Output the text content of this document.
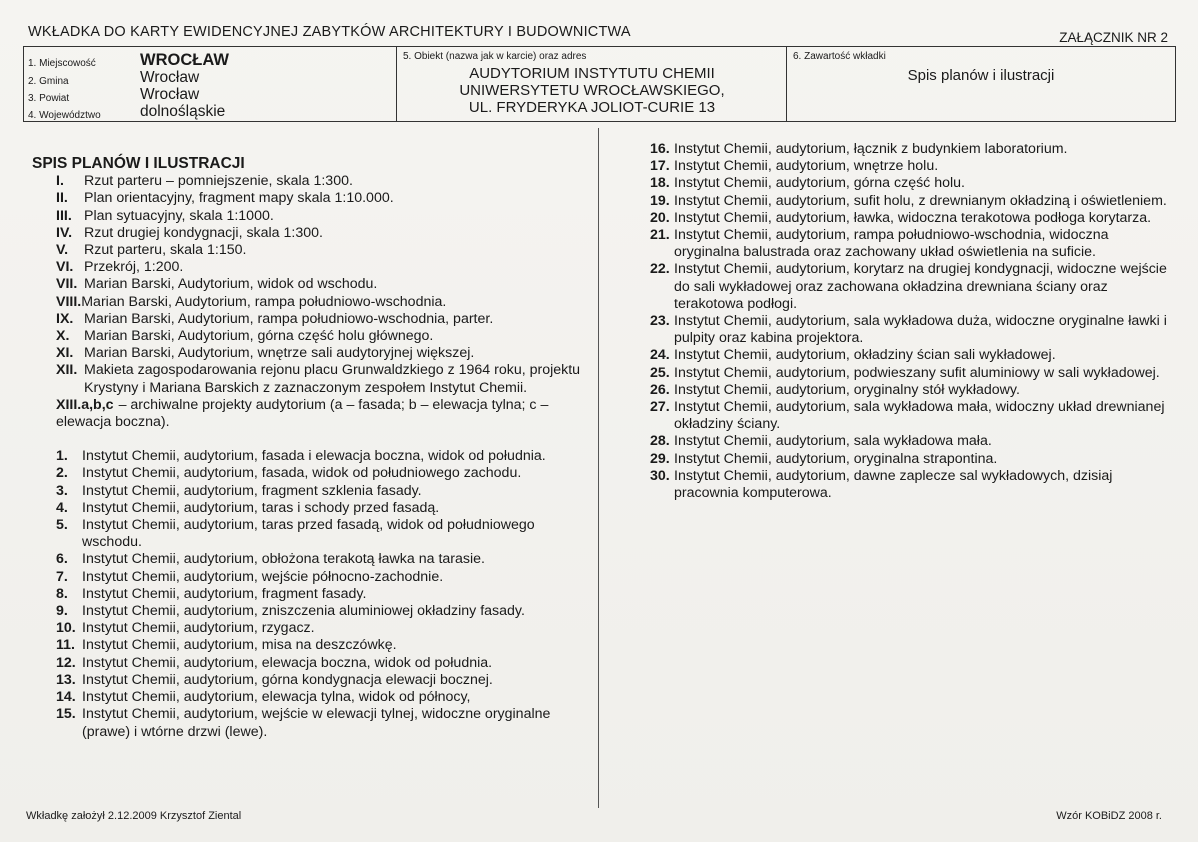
WKŁADKA DO KARTY EWIDENCYJNEJ ZABYTKÓW ARCHITEKTURY I BUDOWNICTWA	ZAŁĄCZNIK NR 2
1. Miejscowość	WROCŁAW
2. Gmina	Wrocław
3. Powiat	Wrocław
4. Województwo	dolnośląskie
5. Obiekt (nazwa jak w karcie) oraz adres
AUDYTORIUM INSTYTUTU CHEMII
UNIWERSYTETU WROCŁAWSKIEGO,
UL. FRYDERYKA JOLIOT-CURIE 13
6. Zawartość wkładki
Spis planów i ilustracji
SPIS PLANÓW I ILUSTRACJI
I. Rzut parteru – pomniejszenie, skala 1:300.
II. Plan orientacyjny, fragment mapy skala 1:10.000.
III. Plan sytuacyjny, skala 1:1000.
IV. Rzut drugiej kondygnacji, skala 1:300.
V. Rzut parteru, skala 1:150.
VI. Przekrój, 1:200.
VII. Marian Barski, Audytorium, widok od wschodu.
VIII.Marian Barski, Audytorium, rampa południowo-wschodnia.
IX. Marian Barski, Audytorium, rampa południowo-wschodnia, parter.
X. Marian Barski, Audytorium, górna część holu głównego.
XI. Marian Barski, Audytorium, wnętrze sali audytoryjnej większej.
XII. Makieta zagospodarowania rejonu placu Grunwaldzkiego z 1964 roku, projektu Krystyny i Mariana Barskich z zaznaczonym zespołem Instytut Chemii.
XIII.a,b,c – archiwalne projekty audytorium (a – fasada; b – elewacja tylna; c – elewacja boczna).
1. Instytut Chemii, audytorium, fasada i elewacja boczna, widok od południa.
2. Instytut Chemii, audytorium, fasada, widok od południowego zachodu.
3. Instytut Chemii, audytorium, fragment szklenia fasady.
4. Instytut Chemii, audytorium, taras i schody przed fasadą.
5. Instytut Chemii, audytorium, taras przed fasadą, widok od południowego wschodu.
6. Instytut Chemii, audytorium, obłożona terakotą ławka na tarasie.
7. Instytut Chemii, audytorium, wejście północno-zachodnie.
8. Instytut Chemii, audytorium, fragment fasady.
9. Instytut Chemii, audytorium, zniszczenia aluminiowej okładziny fasady.
10. Instytut Chemii, audytorium, rzygacz.
11. Instytut Chemii, audytorium, misa na deszczówkę.
12. Instytut Chemii, audytorium, elewacja boczna, widok od południa.
13. Instytut Chemii, audytorium, górna kondygnacja elewacji bocznej.
14. Instytut Chemii, audytorium, elewacja tylna, widok od północy,
15. Instytut Chemii, audytorium, wejście w elewacji tylnej, widoczne oryginalne (prawe) i wtórne drzwi (lewe).
16. Instytut Chemii, audytorium, łącznik z budynkiem laboratorium.
17. Instytut Chemii, audytorium, wnętrze holu.
18. Instytut Chemii, audytorium, górna część holu.
19. Instytut Chemii, audytorium, sufit holu, z drewnianym okładziną i oświetleniem.
20. Instytut Chemii, audytorium, ławka, widoczna terakotowa podłoga korytarza.
21. Instytut Chemii, audytorium, rampa południowo-wschodnia, widoczna oryginalna balustrada oraz zachowany układ oświetlenia na suficie.
22. Instytut Chemii, audytorium, korytarz na drugiej kondygnacji, widoczne wejście do sali wykładowej oraz zachowana okładzina drewniana ściany oraz terakotowa podłogi.
23. Instytut Chemii, audytorium, sala wykładowa duża, widoczne oryginalne ławki i pulpity oraz kabina projektora.
24. Instytut Chemii, audytorium, okładziny ścian sali wykładowej.
25. Instytut Chemii, audytorium, podwieszany sufit aluminiowy w sali wykładowej.
26. Instytut Chemii, audytorium, oryginalny stół wykładowy.
27. Instytut Chemii, audytorium, sala wykładowa mała, widoczny układ drewnianej okładziny ściany.
28. Instytut Chemii, audytorium, sala wykładowa mała.
29. Instytut Chemii, audytorium, oryginalna strapontina.
30. Instytut Chemii, audytorium, dawne zaplecze sal wykładowych, dzisiaj pracownia komputerowa.
Wkładkę założył 2.12.2009 Krzysztof Ziental	Wzór KOBiDZ 2008 r.
